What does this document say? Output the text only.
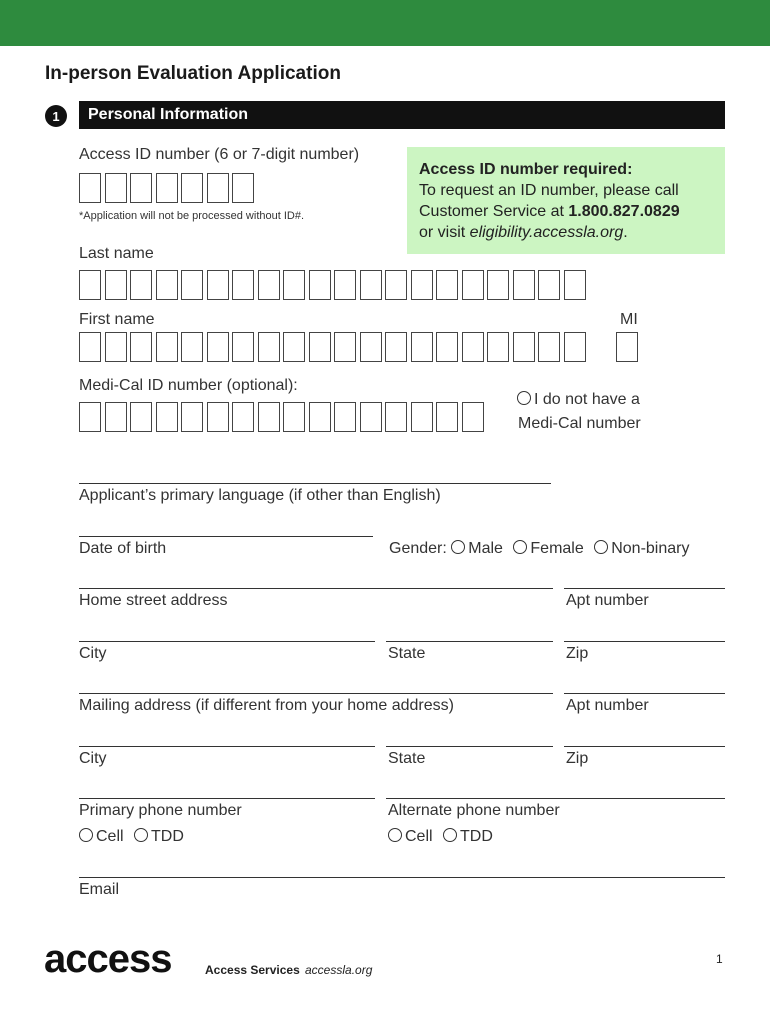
In-person Evaluation Application
1	Personal Information
Access ID number (6 or 7-digit number)
*Application will not be processed without ID#.
Access ID number required:
To request an ID number, please call
Customer Service at 1.800.827.0829
or visit eligibility.accessla.org.
Last name
First name	MI
Medi-Cal ID number (optional):
I do not have a
Medi-Cal number
Applicant’s primary language (if other than English)
Date of birth	Gender: Male Female Non-binary
Home street address	Apt number
City	State	Zip
Mailing address (if different from your home address)	Apt number
City	State	Zip
Primary phone number	Alternate phone number
Cell TDD	Cell TDD
Email
access	Access Services accessla.org
1
